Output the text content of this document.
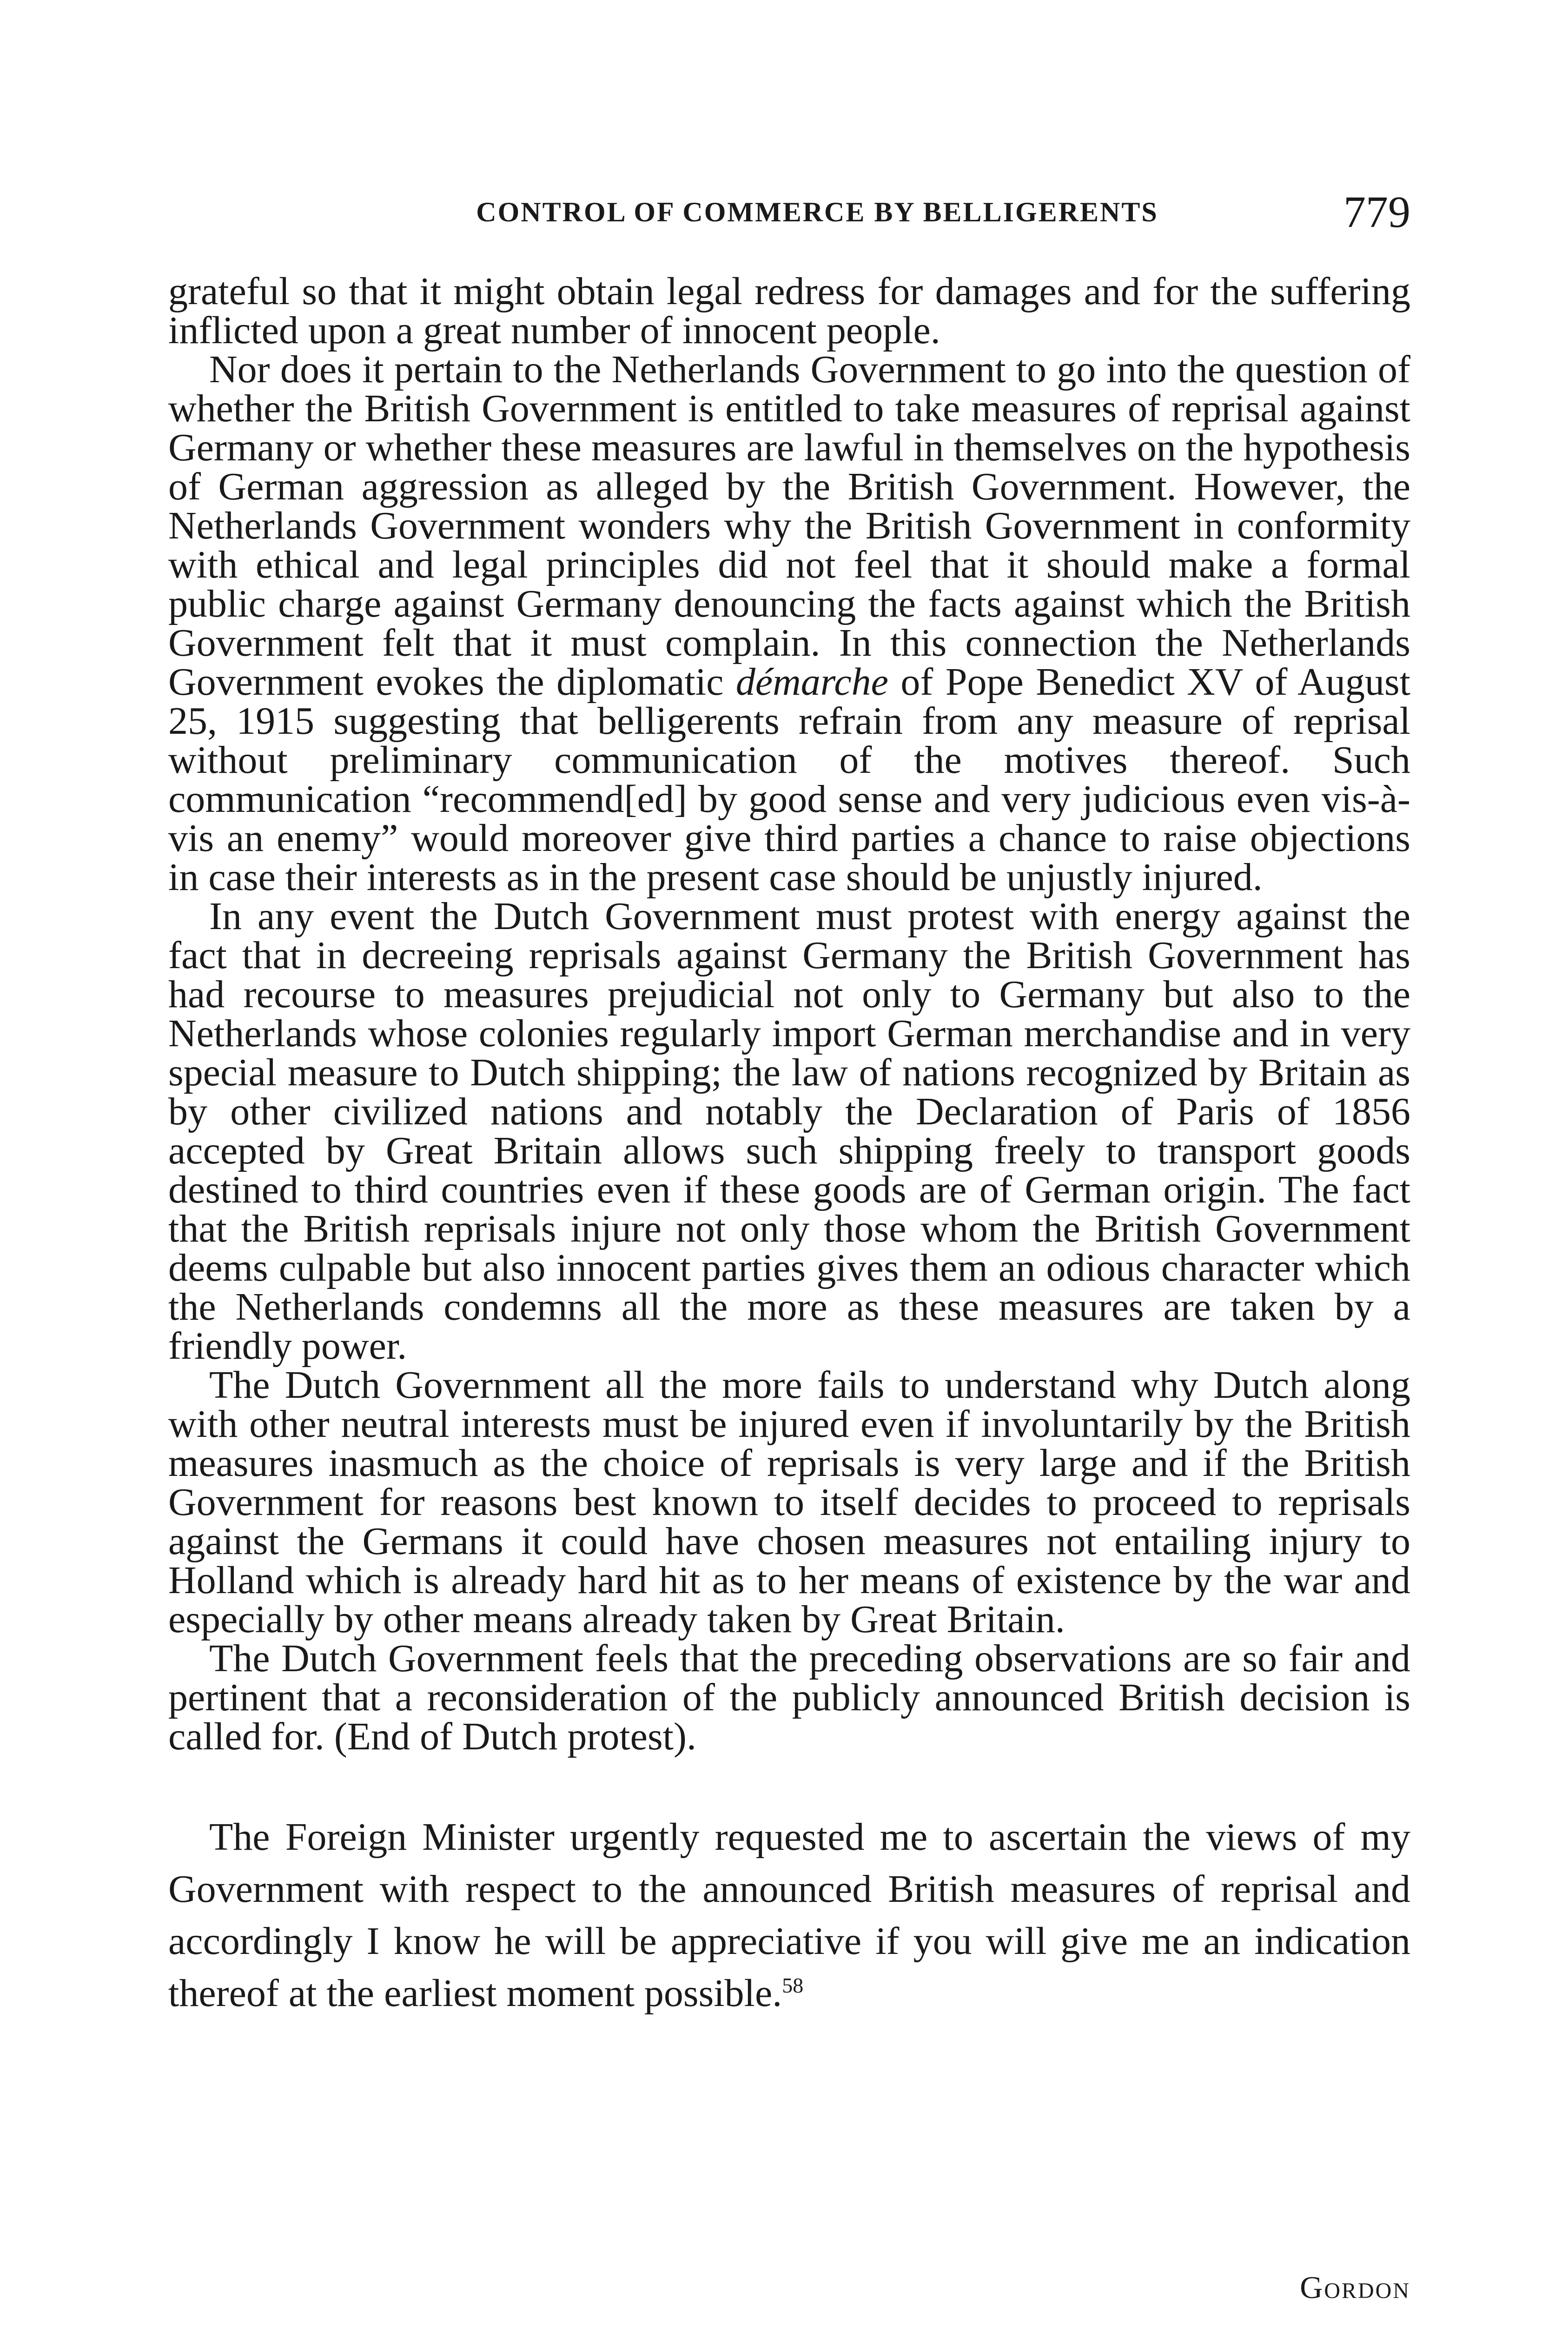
CONTROL OF COMMERCE BY BELLIGERENTS	779

grateful so that it might obtain legal redress for damages and for the suffering inflicted upon a great number of innocent people.

Nor does it pertain to the Netherlands Government to go into the question of whether the British Government is entitled to take measures of reprisal against Germany or whether these measures are lawful in themselves on the hypothesis of German aggression as alleged by the British Government. However, the Netherlands Government wonders why the British Government in conformity with ethical and legal principles did not feel that it should make a formal public charge against Germany denouncing the facts against which the British Government felt that it must complain. In this connection the Netherlands Government evokes the diplomatic démarche of Pope Benedict XV of August 25, 1915 suggesting that belligerents refrain from any measure of reprisal without preliminary communication of the motives thereof. Such communication “recommend[ed] by good sense and very judicious even vis-à-vis an enemy” would moreover give third parties a chance to raise objections in case their interests as in the present case should be unjustly injured.

In any event the Dutch Government must protest with energy against the fact that in decreeing reprisals against Germany the British Government has had recourse to measures prejudicial not only to Germany but also to the Netherlands whose colonies regularly import German merchandise and in very special measure to Dutch shipping; the law of nations recognized by Britain as by other civilized nations and notably the Declaration of Paris of 1856 accepted by Great Britain allows such shipping freely to transport goods destined to third countries even if these goods are of German origin. The fact that the British reprisals injure not only those whom the British Government deems culpable but also innocent parties gives them an odious character which the Netherlands condemns all the more as these measures are taken by a friendly power.

The Dutch Government all the more fails to understand why Dutch along with other neutral interests must be injured even if involuntarily by the British measures inasmuch as the choice of reprisals is very large and if the British Government for reasons best known to itself decides to proceed to reprisals against the Germans it could have chosen measures not entailing injury to Holland which is already hard hit as to her means of existence by the war and especially by other means already taken by Great Britain.

The Dutch Government feels that the preceding observations are so fair and pertinent that a reconsideration of the publicly announced British decision is called for. (End of Dutch protest).

The Foreign Minister urgently requested me to ascertain the views of my Government with respect to the announced British measures of reprisal and accordingly I know he will be appreciative if you will give me an indication thereof at the earliest moment possible.$^{58}$

Gordon
